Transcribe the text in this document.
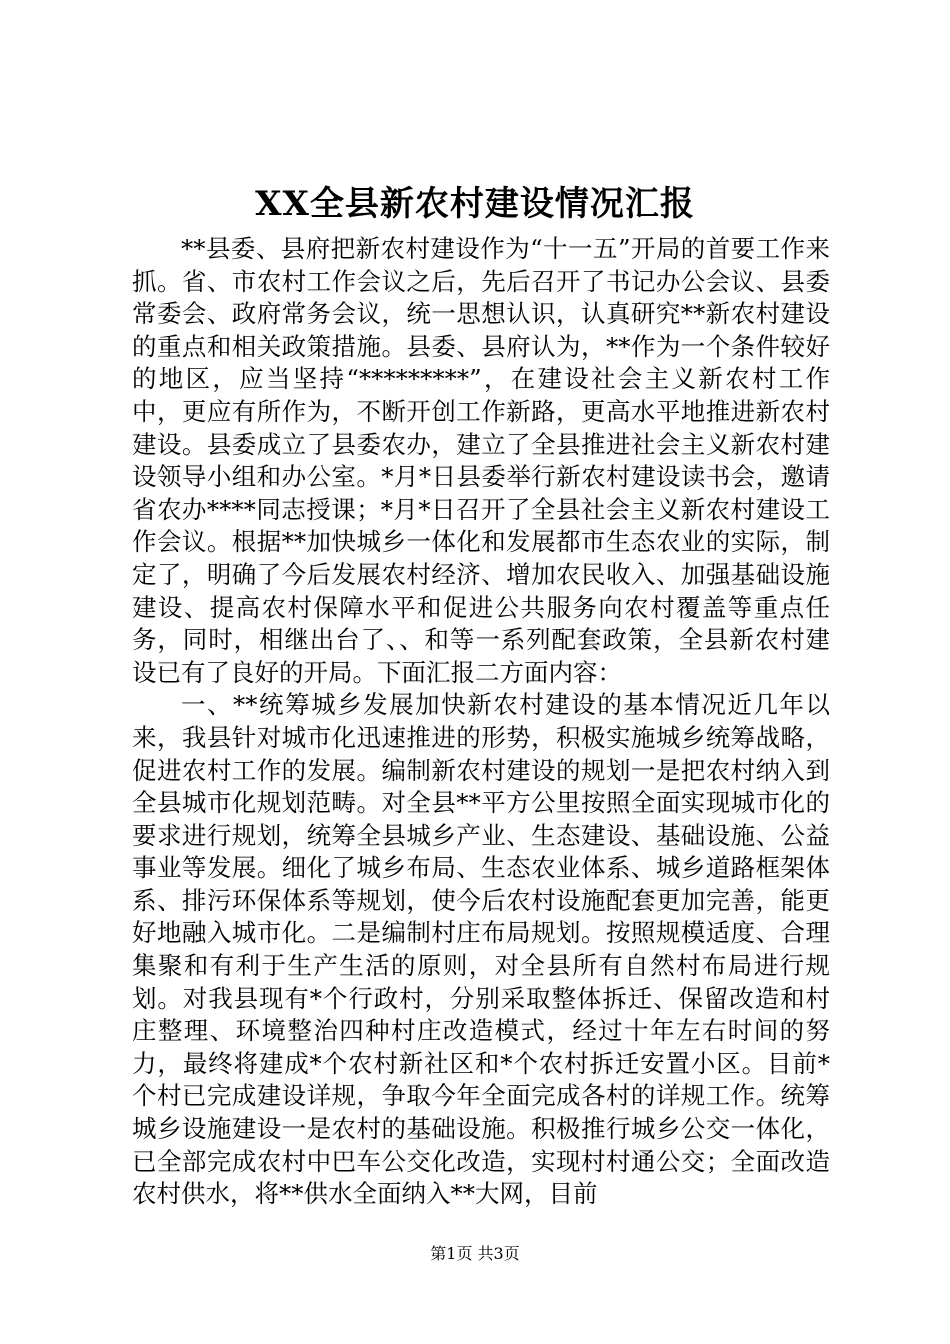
XX全县新农村建设情况汇报

**县委、县府把新农村建设作为“十一五”开局的首要工作来抓。省、市农村工作会议之后，先后召开了书记办公会议、县委常委会、政府常务会议，统一思想认识，认真研究**新农村建设的重点和相关政策措施。县委、县府认为，**作为一个条件较好的地区，应当坚持“*********”，在建设社会主义新农村工作中，更应有所作为，不断开创工作新路，更高水平地推进新农村建设。县委成立了县委农办，建立了全县推进社会主义新农村建设领导小组和办公室。*月*日县委举行新农村建设读书会，邀请省农办****同志授课；*月*日召开了全县社会主义新农村建设工作会议。根据**加快城乡一体化和发展都市生态农业的实际，制定了，明确了今后发展农村经济、增加农民收入、加强基础设施建设、提高农村保障水平和促进公共服务向农村覆盖等重点任务，同时，相继出台了、、和等一系列配套政策，全县新农村建设已有了良好的开局。下面汇报二方面内容：

一、**统筹城乡发展加快新农村建设的基本情况近几年以来，我县针对城市化迅速推进的形势，积极实施城乡统筹战略，促进农村工作的发展。编制新农村建设的规划一是把农村纳入到全县城市化规划范畴。对全县**平方公里按照全面实现城市化的要求进行规划，统筹全县城乡产业、生态建设、基础设施、公益事业等发展。细化了城乡布局、生态农业体系、城乡道路框架体系、排污环保体系等规划，使今后农村设施配套更加完善，能更好地融入城市化。二是编制村庄布局规划。按照规模适度、合理集聚和有利于生产生活的原则，对全县所有自然村布局进行规划。对我县现有*个行政村，分别采取整体拆迁、保留改造和村庄整理、环境整治四种村庄改造模式，经过十年左右时间的努力，最终将建成*个农村新社区和*个农村拆迁安置小区。目前*个村已完成建设详规，争取今年全面完成各村的详规工作。统筹城乡设施建设一是农村的基础设施。积极推行城乡公交一体化，已全部完成农村中巴车公交化改造，实现村村通公交；全面改造农村供水，将**供水全面纳入**大网，目前

第1页 共3页
